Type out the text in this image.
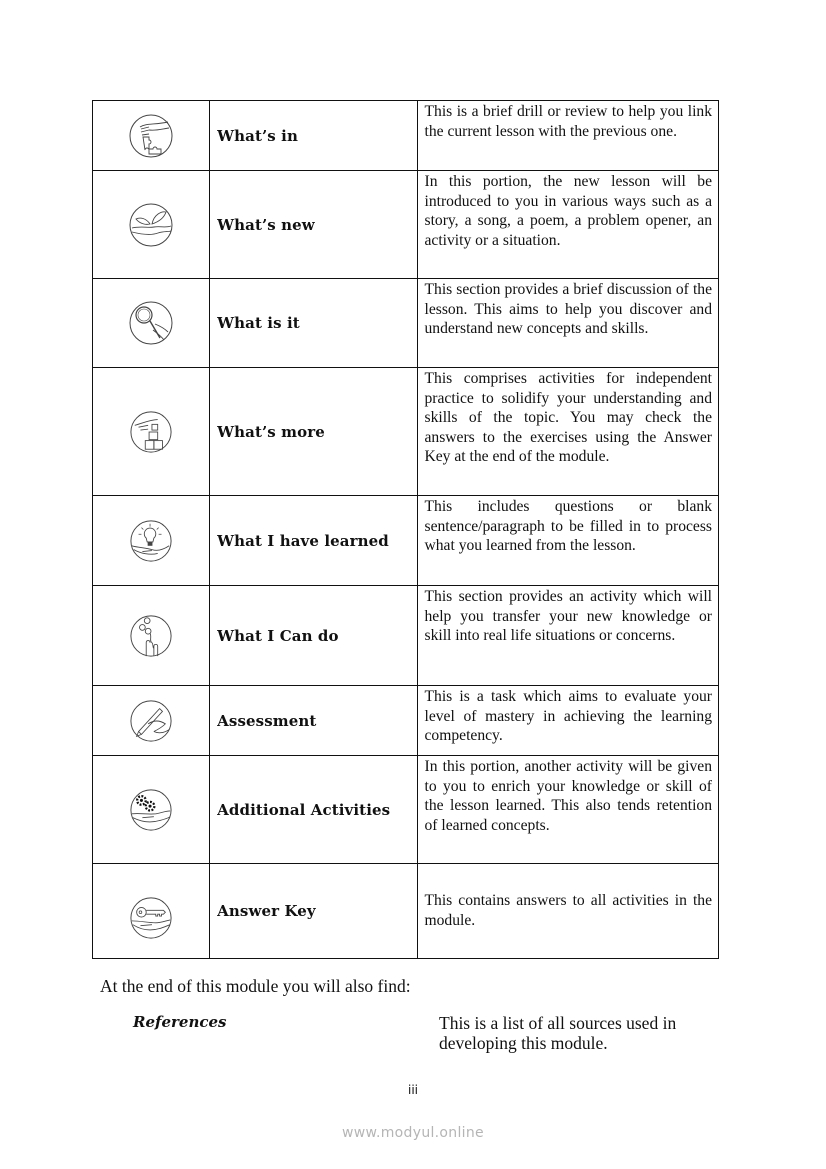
	What’s in	This is a brief drill or review to help you link the current lesson with the previous one.
	What’s new	In this portion, the new lesson will be introduced to you in various ways such as a story, a song, a poem, a problem opener, an activity or a situation.
	What is it	This section provides a brief discussion of the lesson. This aims to help you discover and understand new concepts and skills.
	What’s more	This comprises activities for independent practice to solidify your understanding and skills of the topic. You may check the answers to the exercises using the Answer Key at the end of the module.
	What I have learned	This includes questions or blank sentence/paragraph to be filled in to process what you learned from the lesson.
	What I Can do	This section provides an activity which will help you transfer your new knowledge or skill into real life situations or concerns.
	Assessment	This is a task which aims to evaluate your level of mastery in achieving the learning competency.
	Additional Activities	In this portion, another activity will be given to you to enrich your knowledge or skill of the lesson learned. This also tends retention of learned concepts.
	Answer Key	This contains answers to all activities in the module.
At the end of this module you will also find:
References	This is a list of all sources used in developing this module.
iii
www.modyul.online
